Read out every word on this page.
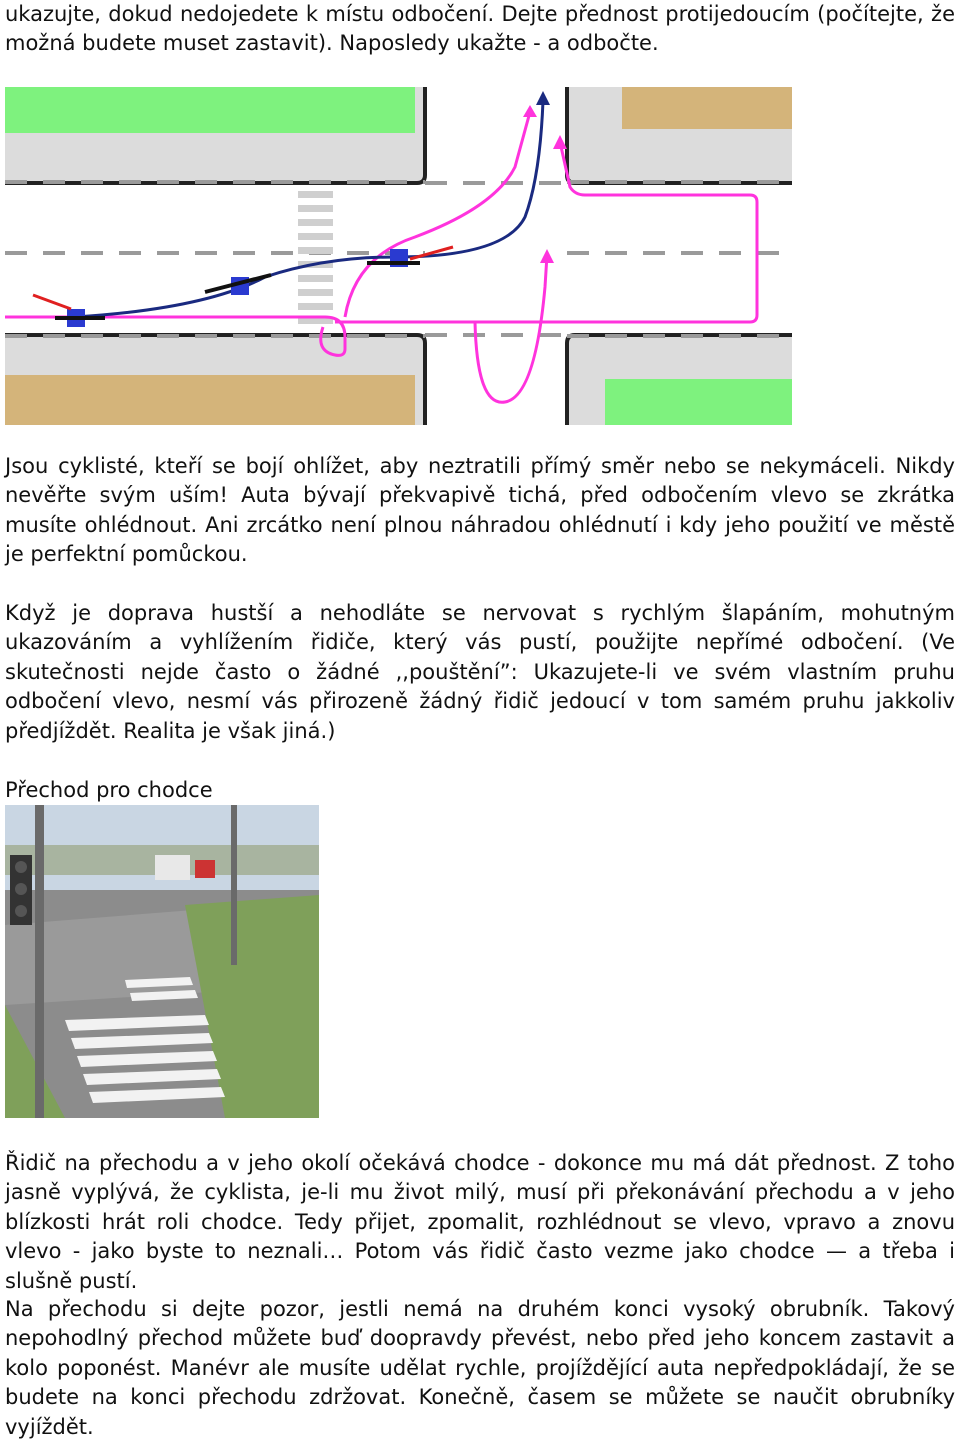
ukazujte, dokud nedojedete k místu odbočení. Dejte přednost protijedoucím (počítejte, že možná budete muset zastavit). Naposledy ukažte - a odbočte.

Jsou cyklisté, kteří se bojí ohlížet, aby neztratili přímý směr nebo se nekymáceli. Nikdy nevěřte svým uším! Auta bývají překvapivě tichá, před odbočením vlevo se zkrátka musíte ohlédnout. Ani zrcátko není plnou náhradou ohlédnutí i kdy jeho použití ve městě je perfektní pomůckou.

Když je doprava hustší a nehodláte se nervovat s rychlým šlapáním, mohutným ukazováním a vyhlížením řidiče, který vás pustí, použijte nepřímé odbočení. (Ve skutečnosti nejde často o žádné ,,pouštění”: Ukazujete-li ve svém vlastním pruhu odbočení vlevo, nesmí vás přirozeně žádný řidič jedoucí v tom samém pruhu jakkoliv předjíždět. Realita je však jiná.)

Přechod pro chodce

Řidič na přechodu a v jeho okolí očekává chodce - dokonce mu má dát přednost. Z toho jasně vyplývá, že cyklista, je-li mu život milý, musí při překonávání přechodu a v jeho blízkosti hrát roli chodce. Tedy přijet, zpomalit, rozhlédnout se vlevo, vpravo a znovu vlevo - jako byste to neznali… Potom vás řidič často vezme jako chodce — a třeba i slušně pustí.

Na přechodu si dejte pozor, jestli nemá na druhém konci vysoký obrubník. Takový nepohodlný přechod můžete buď doopravdy převést, nebo před jeho koncem zastavit a kolo poponést. Manévr ale musíte udělat rychle, projíždějící auta nepředpokládají, že se budete na konci přechodu zdržovat. Konečně, časem se můžete se naučit obrubníky vyjíždět.
